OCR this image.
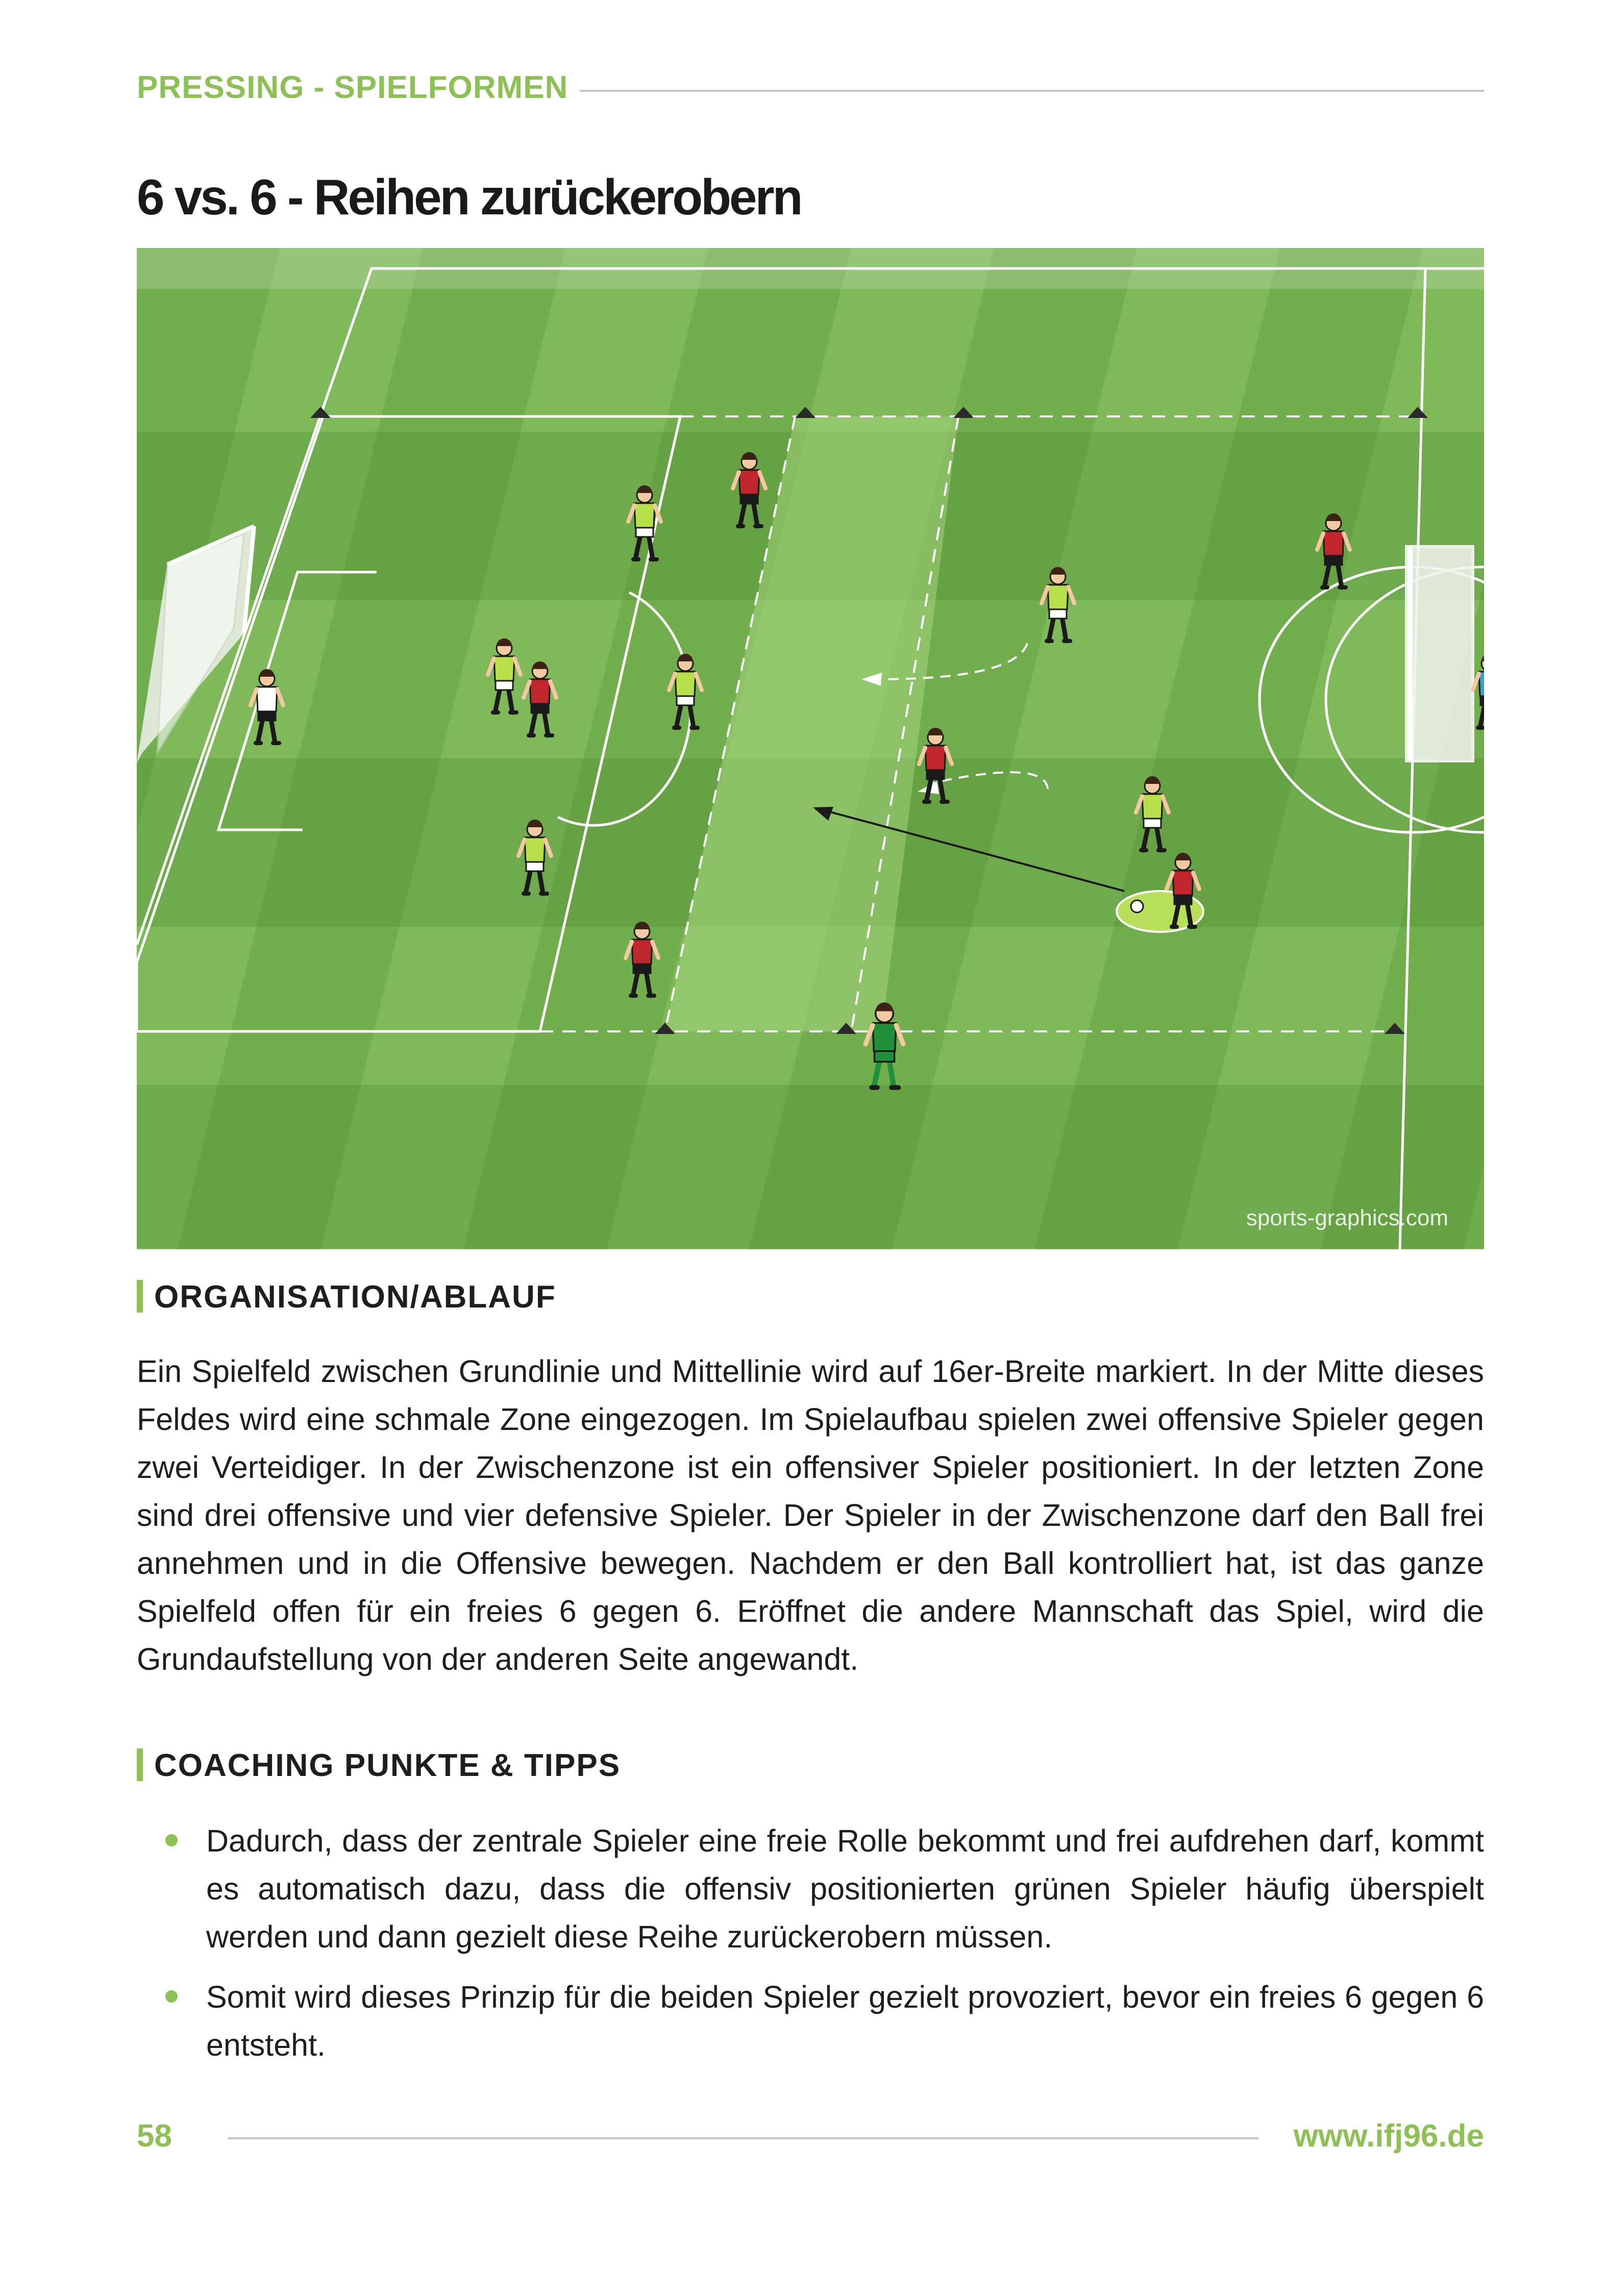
PRESSING - SPIELFORMEN
6 vs. 6 - Reihen zurückerobern
sports-graphics.com
ORGANISATION/ABLAUF

Ein Spielfeld zwischen Grundlinie und Mittellinie wird auf 16er-Breite markiert. In der Mitte dieses Feldes wird eine schmale Zone eingezogen. Im Spielaufbau spielen zwei offensive Spieler gegen zwei Verteidiger. In der Zwischenzone ist ein offensiver Spieler positioniert. In der letzten Zone sind drei offensive und vier defensive Spieler. Der Spieler in der Zwischenzone darf den Ball frei annehmen und in die Offensive bewegen. Nachdem er den Ball kontrolliert hat, ist das ganze Spielfeld offen für ein freies 6 gegen 6. Eröffnet die andere Mannschaft das Spiel, wird die Grundaufstellung von der anderen Seite angewandt.

COACHING PUNKTE & TIPPS
Dadurch, dass der zentrale Spieler eine freie Rolle bekommt und frei aufdrehen darf, kommt es automatisch dazu, dass die offensiv positionierten grünen Spieler häufig überspielt werden und dann gezielt diese Reihe zurückerobern müssen.
Somit wird dieses Prinzip für die beiden Spieler gezielt provoziert, bevor ein freies 6 gegen 6 entsteht.
58	www.ifj96.de
